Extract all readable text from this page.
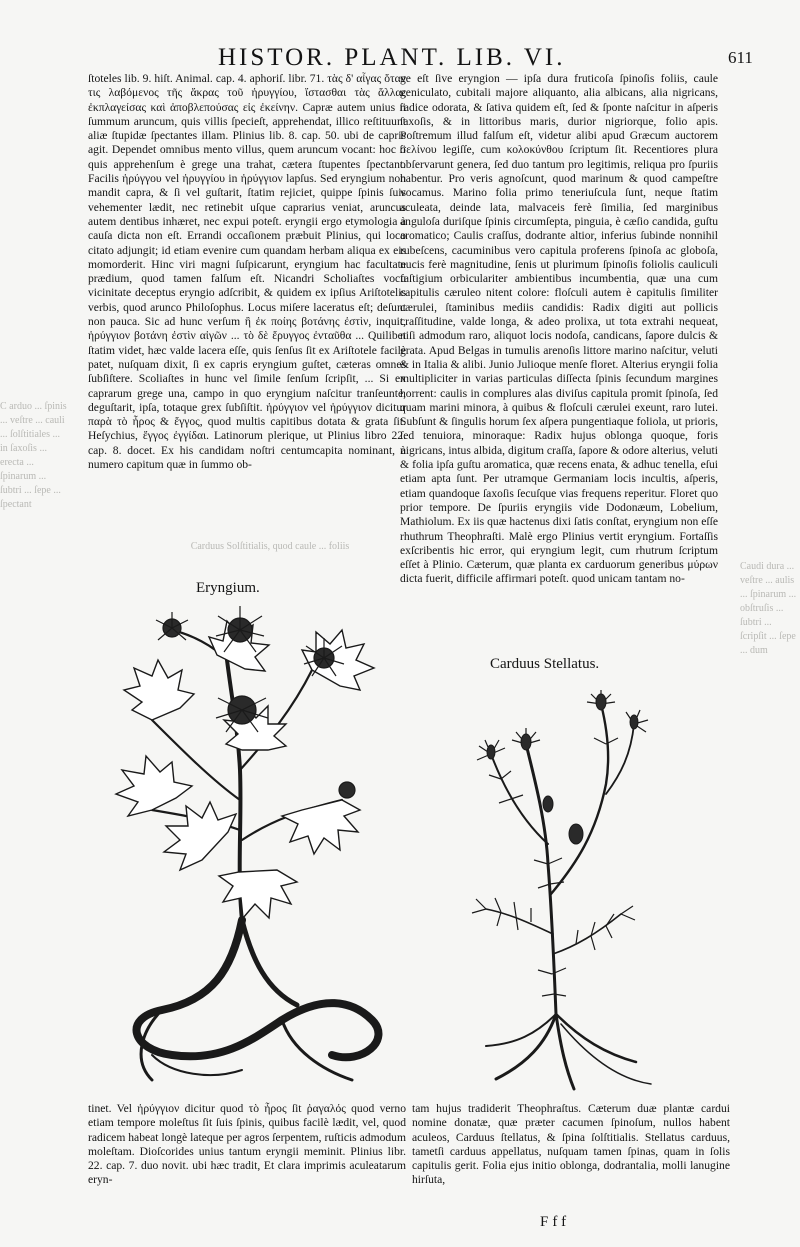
C arduo ... ſpinis ... veſtre ... cauli ... ſolſtitiales ... in ſaxoſis ... erecta ... ſpinarum ... ſubtri ... ſepe ... ſpectant
Caudi dura ... veſtre ... aulis ... ſpinarum ... obſtruſis ... ſubtri ... ſcripſit ... ſepe ... dum
Carduus Solſtitialis, quod caule ... foliis
HISTOR. PLANT. LIB. VI.	611

ſtoteles lib. 9. hiſt. Animal. cap. 4. aphoriſ. libr. 71. τὰς δ' αἶγας ὅταν τις λαβόμενος τῆς ἄκρας τοῦ ἠρυγγίου, ἵστασθαι τὰς ἄλλας ἐκπλαγείσας καὶ ἀποβλεπούσας εἰς ἐκείνην. Capræ autem unius ſi ſummum aruncum, quis villis ſpecieſt, apprehendat, illico reſtituunt aliæ ſtupidæ ſpectantes illam. Plinius lib. 8. cap. 50. ubi de capris agit. Dependet omnibus mento villus, quem aruncum vocant: hoc ſi quis apprehenſum è grege una trahat, cætera ſtupentes ſpectant. Facilis ἠρύγγου vel ἠρυγγίου in ἠρύγγιον lapſus. Sed eryngium non mandit capra, & ſi vel guſtarit, ſtatim rejiciet, quippe ſpinis ſuis vehementer lædit, nec retinebit uſque caprarius veniat, aruncus autem dentibus inhæret, nec expui poteſt. eryngii ergo etymologia à cauſa dicta non eſt. Errandi occaſionem præbuit Plinius, qui loco citato adjungit; id etiam evenire cum quandam herbam aliqua ex eis momorderit. Hinc viri magni ſuſpicarunt, eryngium hac facultate prædium, quod tamen falſum eſt. Nicandri Scholiaſtes vocu vicinitate deceptus eryngio adſcribit, & quidem ex ipſius Ariſtotelis verbis, quod arunco Philoſophus. Locus miſere laceratus eſt; deſunt non pauca. Sic ad hunc verſum ἢ ἐκ ποίης βοτάνης ἐστὶν, inquit, ἠρύγγιον βοτάνη ἐστὶν αἰγῶν ... τὸ δὲ ἔρυγγος ἐνταῦθα ... Quilibet ſtatim videt, hæc valde lacera eſſe, quis ſenſus ſit ex Ariſtotele facilè patet, nuſquam dixit, ſi ex capris eryngium guſtet, cæteras omnes ſubſiſtere. Scoliaſtes in hunc vel ſimile ſenſum ſcripſit, ... Si ex caprarum grege una, campo in quo eryngium naſcitur tranſeunte, deguſtarit, ipſa, totaque grex ſubſiſtit. ἠρύγγιον vel ἠρύγγιον dicitur παρὰ τὸ ἦρος & ἔγγος, quod multis capitibus dotata & grata ſit. Heſychius, ἔγγος ἐγγίδαι. Latinorum plerique, ut Plinius libro 22. cap. 8. docet. Ex his candidam noſtri centumcapita nominant, à numero capitum quæ in ſummo ob-

ge eſt ſive eryngion — ipſa dura fruticoſa ſpinoſis foliis, caule geniculato, cubitali majore aliquanto, alia albicans, alia nigricans, radice odorata, & ſativa quidem eſt, ſed & ſponte naſcitur in aſperis ſaxoſis, & in littoribus maris, durior nigriorque, folio apis. Poſtremum illud falſum eſt, videtur alibi apud Græcum auctorem σελίνου legiſſe, cum κολοκύνθου ſcriptum ſit. Recentiores plura obſervarunt genera, ſed duo tantum pro legitimis, reliqua pro ſpuriis habentur. Pro veris agnoſcunt, quod marinum & quod campeſtre vocamus. Marino folia primo teneriuſcula ſunt, neque ſtatim aculeata, deinde lata, malvaceis ferè ſimilia, ſed marginibus anguloſa duriſque ſpinis circumſepta, pinguia, è cæſio candida, guſtu aromatico; Caulis craſſus, dodrante altior, inferius ſubinde nonnihil rubeſcens, cacuminibus vero capitula proferens ſpinoſa ac globoſa, nucis ferè magnitudine, ſenis ut plurimum ſpinoſis foliolis cauliculi faſtigium orbiculariter ambientibus incumbentia, quæ una cum capitulis cæruleo nitent colore: floſculi autem è capitulis ſimiliter cærulei, ſtaminibus mediis candidis: Radix digiti aut pollicis craſſitudine, valde longa, & adeo prolixa, ut tota extrahi nequeat, niſi admodum raro, aliquot locis nodoſa, candicans, ſapore dulcis & grata. Apud Belgas in tumulis arenoſis littore marino naſcitur, veluti & in Italia & alibi. Junio Julioque menſe floret. Alterius eryngii folia multipliciter in varias particulas diſſecta ſpinis ſecundum margines horrent: caulis in complures alas diviſus capitula promit ſpinoſa, ſed quam marini minora, à quibus & floſculi cærulei exeunt, raro lutei. Subſunt & ſingulis horum ſex aſpera pungentiaque foliola, ut prioris, ſed tenuiora, minoraque: Radix hujus oblonga quoque, foris nigricans, intus albida, digitum craſſa, ſapore & odore alterius, veluti & folia ipſa guſtu aromatica, quæ recens enata, & adhuc tenella, eſui etiam apta ſunt. Per utramque Germaniam locis incultis, aſperis, etiam quandoque ſaxoſis ſecuſque vias frequens reperitur. Floret quo prior tempore. De ſpuriis eryngiis vide Dodonæum, Lobelium, Mathiolum. Ex iis quæ hactenus dixi ſatis conſtat, eryngium non eſſe rhuthrum Theophraſti. Malè ergo Plinius vertit eryngium. Fortaſſis exſcribentis hic error, qui eryngium legit, cum rhutrum ſcriptum eſſet à Plinio. Cæterum, quæ planta ex carduorum generibus μύρων dicta fuerit, difficile affirmari poteſt. quod unicam tantam no-

Eryngium.
Carduus Stellatus.

tinet. Vel ἠρύγγιον dicitur quod τὸ ἦρος ſit ῥαγαλός quod verno etiam tempore moleſtus ſit ſuis ſpinis, quibus facilè lædit, vel, quod radicem habeat longè lateque per agros ſerpentem, ruſticis admodum moleſtam. Dioſcorides unius tantum eryngii meminit. Plinius libr. 22. cap. 7. duo novit. ubi hæc tradit, Et clara imprimis aculeatarum eryn-

tam hujus tradiderit Theophraſtus. Cæterum duæ plantæ cardui nomine donatæ, quæ præter cacumen ſpinoſum, nullos habent aculeos, Carduus ſtellatus, & ſpina ſolſtitialis. Stellatus carduus, tametſi carduus appellatus, nuſquam tamen ſpinas, quam in ſolis capitulis gerit. Folia ejus initio oblonga, dodrantalia, molli lanugine hirſuta,

Fff
